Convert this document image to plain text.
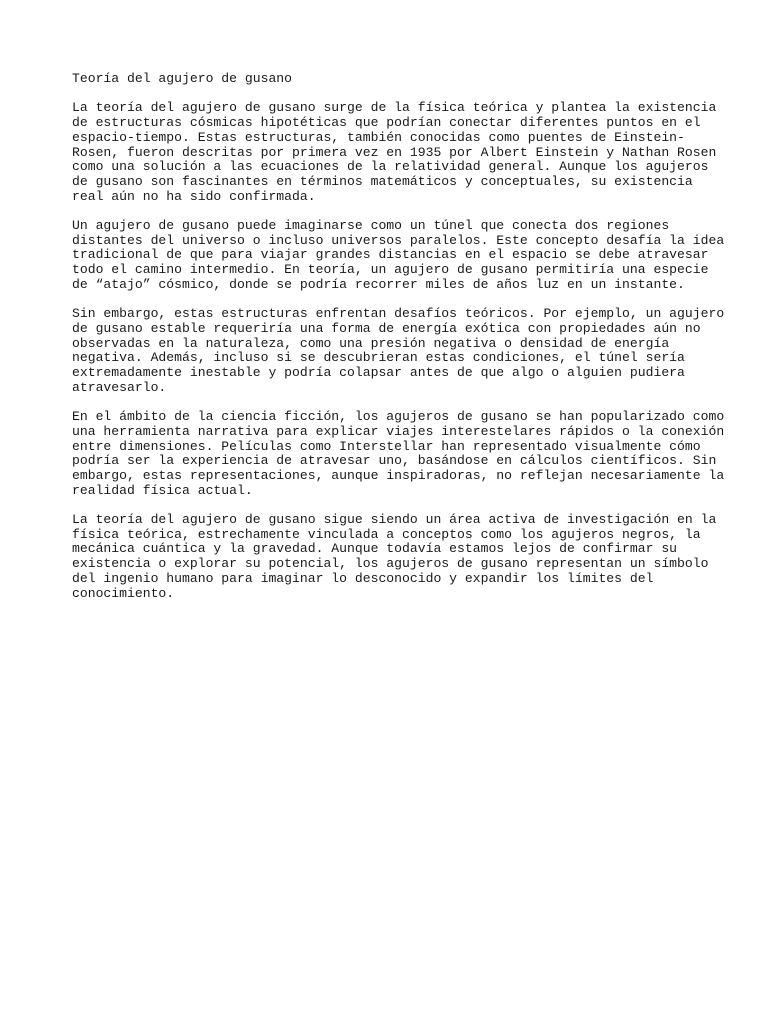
Teoría del agujero de gusano
La teoría del agujero de gusano surge de la física teórica y plantea la existencia
de estructuras cósmicas hipotéticas que podrían conectar diferentes puntos en el
espacio-tiempo. Estas estructuras, también conocidas como puentes de Einstein-
Rosen, fueron descritas por primera vez en 1935 por Albert Einstein y Nathan Rosen
como una solución a las ecuaciones de la relatividad general. Aunque los agujeros
de gusano son fascinantes en términos matemáticos y conceptuales, su existencia
real aún no ha sido confirmada.
Un agujero de gusano puede imaginarse como un túnel que conecta dos regiones
distantes del universo o incluso universos paralelos. Este concepto desafía la idea
tradicional de que para viajar grandes distancias en el espacio se debe atravesar
todo el camino intermedio. En teoría, un agujero de gusano permitiría una especie
de “atajo” cósmico, donde se podría recorrer miles de años luz en un instante.
Sin embargo, estas estructuras enfrentan desafíos teóricos. Por ejemplo, un agujero
de gusano estable requeriría una forma de energía exótica con propiedades aún no
observadas en la naturaleza, como una presión negativa o densidad de energía
negativa. Además, incluso si se descubrieran estas condiciones, el túnel sería
extremadamente inestable y podría colapsar antes de que algo o alguien pudiera
atravesarlo.
En el ámbito de la ciencia ficción, los agujeros de gusano se han popularizado como
una herramienta narrativa para explicar viajes interestelares rápidos o la conexión
entre dimensiones. Películas como Interstellar han representado visualmente cómo
podría ser la experiencia de atravesar uno, basándose en cálculos científicos. Sin
embargo, estas representaciones, aunque inspiradoras, no reflejan necesariamente la
realidad física actual.
La teoría del agujero de gusano sigue siendo un área activa de investigación en la
física teórica, estrechamente vinculada a conceptos como los agujeros negros, la
mecánica cuántica y la gravedad. Aunque todavía estamos lejos de confirmar su
existencia o explorar su potencial, los agujeros de gusano representan un símbolo
del ingenio humano para imaginar lo desconocido y expandir los límites del
conocimiento.
